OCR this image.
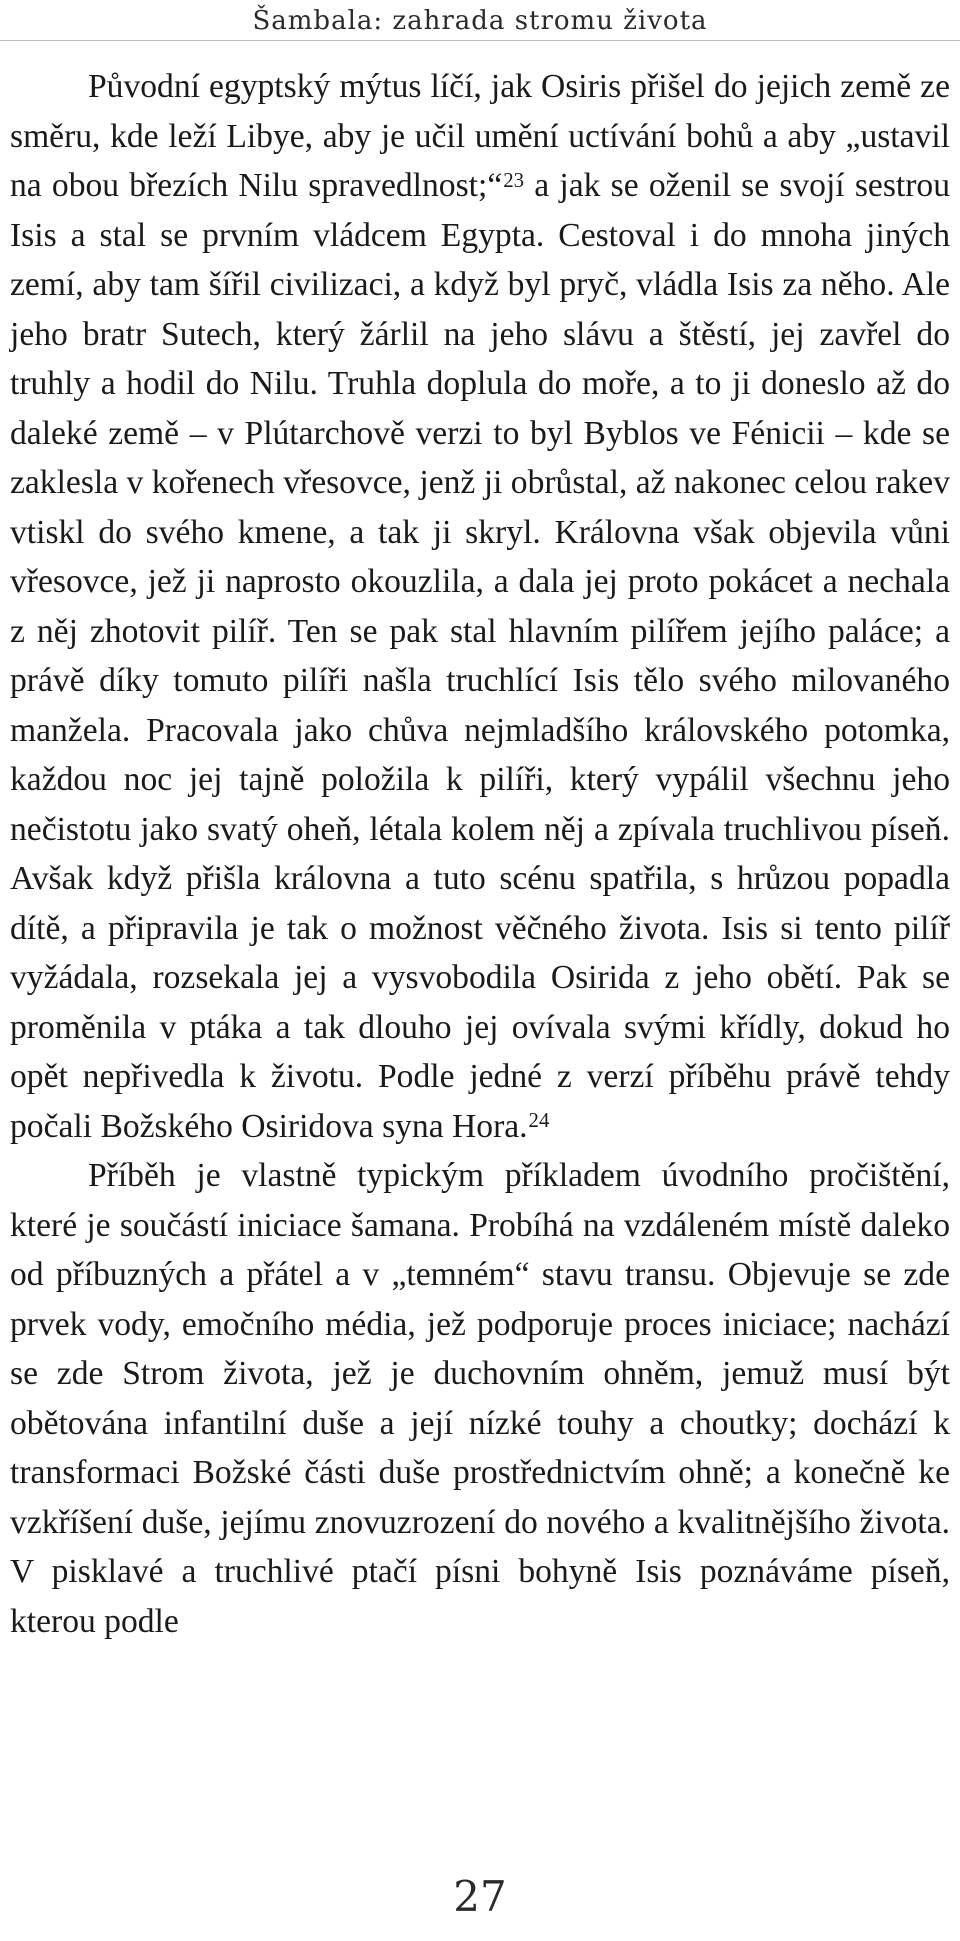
Šambala: zahrada stromu života

Původní egyptský mýtus líčí, jak Osiris přišel do jejich země ze směru, kde leží Libye, aby je učil umění uctívání bohů a aby „ustavil na obou březích Nilu spravedlnost;“$^{23}$ a jak se oženil se svojí sestrou Isis a stal se prvním vládcem Egypta. Cestoval i do mnoha jiných zemí, aby tam šířil civilizaci, a když byl pryč, vládla Isis za něho. Ale jeho bratr Sutech, který žárlil na jeho slávu a štěstí, jej zavřel do truhly a hodil do Nilu. Truhla doplula do moře, a to ji doneslo až do daleké země – v Plútarchově verzi to byl Byblos ve Fénicii – kde se zaklesla v kořenech vřesovce, jenž ji obrůstal, až nakonec celou rakev vtiskl do svého kmene, a tak ji skryl. Královna však objevila vůni vřesovce, jež ji naprosto okouzlila, a dala jej proto pokácet a nechala z něj zhotovit pilíř. Ten se pak stal hlavním pilířem jejího paláce; a právě díky tomuto pilíři našla truchlící Isis tělo svého milovaného manžela. Pracovala jako chůva nejmladšího královského potomka, každou noc jej tajně položila k pilíři, který vypálil všechnu jeho nečistotu jako svatý oheň, létala kolem něj a zpívala truchlivou píseň. Avšak když přišla královna a tuto scénu spatřila, s hrůzou popadla dítě, a připravila je tak o možnost věčného života. Isis si tento pilíř vyžádala, rozsekala jej a vysvobodila Osirida z jeho obětí. Pak se proměnila v ptáka a tak dlouho jej ovívala svými křídly, dokud ho opět nepřivedla k životu. Podle jedné z verzí příběhu právě tehdy počali Božského Osiridova syna Hora.$^{24}$

Příběh je vlastně typickým příkladem úvodního pročištění, které je součástí iniciace šamana. Probíhá na vzdáleném místě daleko od příbuzných a přátel a v „temném“ stavu transu. Objevuje se zde prvek vody, emočního média, jež podporuje proces iniciace; nachází se zde Strom života, jež je duchovním ohněm, jemuž musí být obětována infantilní duše a její nízké touhy a choutky; dochází k transformaci Božské části duše prostřednictvím ohně; a konečně ke vzkříšení duše, jejímu znovuzrození do nového a kvalitnějšího života. V pisklavé a truchlivé ptačí písni bohyně Isis poznáváme píseň, kterou podle

27
